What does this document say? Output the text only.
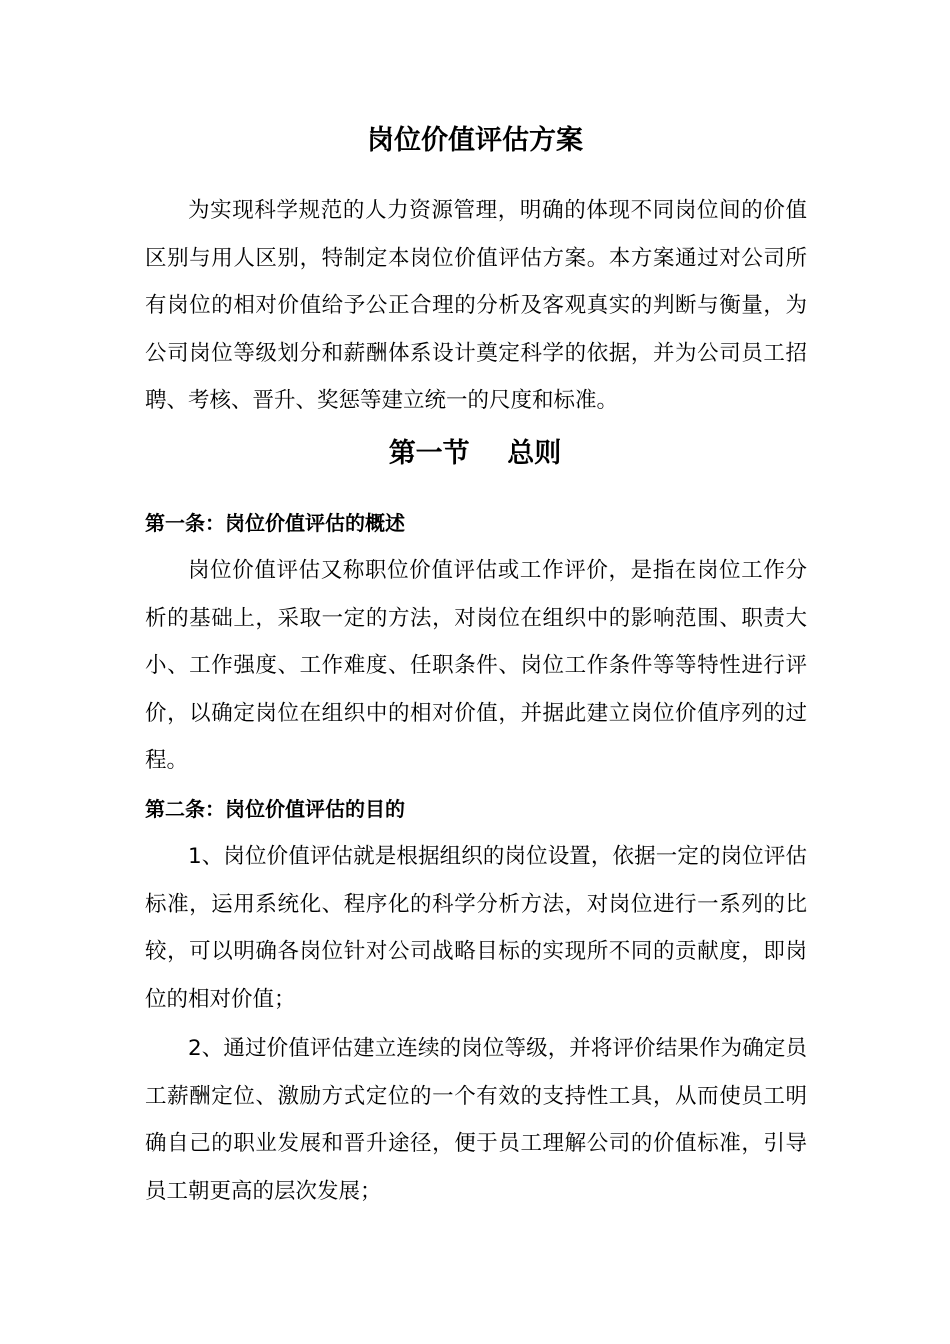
岗位价值评估方案

为实现科学规范的人力资源管理，明确的体现不同岗位间的价值区别与用人区别，特制定本岗位价值评估方案。本方案通过对公司所有岗位的相对价值给予公正合理的分析及客观真实的判断与衡量，为公司岗位等级划分和薪酬体系设计奠定科学的依据，并为公司员工招聘、考核、晋升、奖惩等建立统一的尺度和标准。

第一节    总则
第一条：岗位价值评估的概述

岗位价值评估又称职位价值评估或工作评价，是指在岗位工作分析的基础上，采取一定的方法，对岗位在组织中的影响范围、职责大小、工作强度、工作难度、任职条件、岗位工作条件等等特性进行评价，以确定岗位在组织中的相对价值，并据此建立岗位价值序列的过程。

第二条：岗位价值评估的目的

1、岗位价值评估就是根据组织的岗位设置，依据一定的岗位评估标准，运用系统化、程序化的科学分析方法，对岗位进行一系列的比较，可以明确各岗位针对公司战略目标的实现所不同的贡献度，即岗位的相对价值；

2、通过价值评估建立连续的岗位等级，并将评价结果作为确定员工薪酬定位、激励方式定位的一个有效的支持性工具，从而使员工明确自己的职业发展和晋升途径，便于员工理解公司的价值标准，引导员工朝更高的层次发展；
